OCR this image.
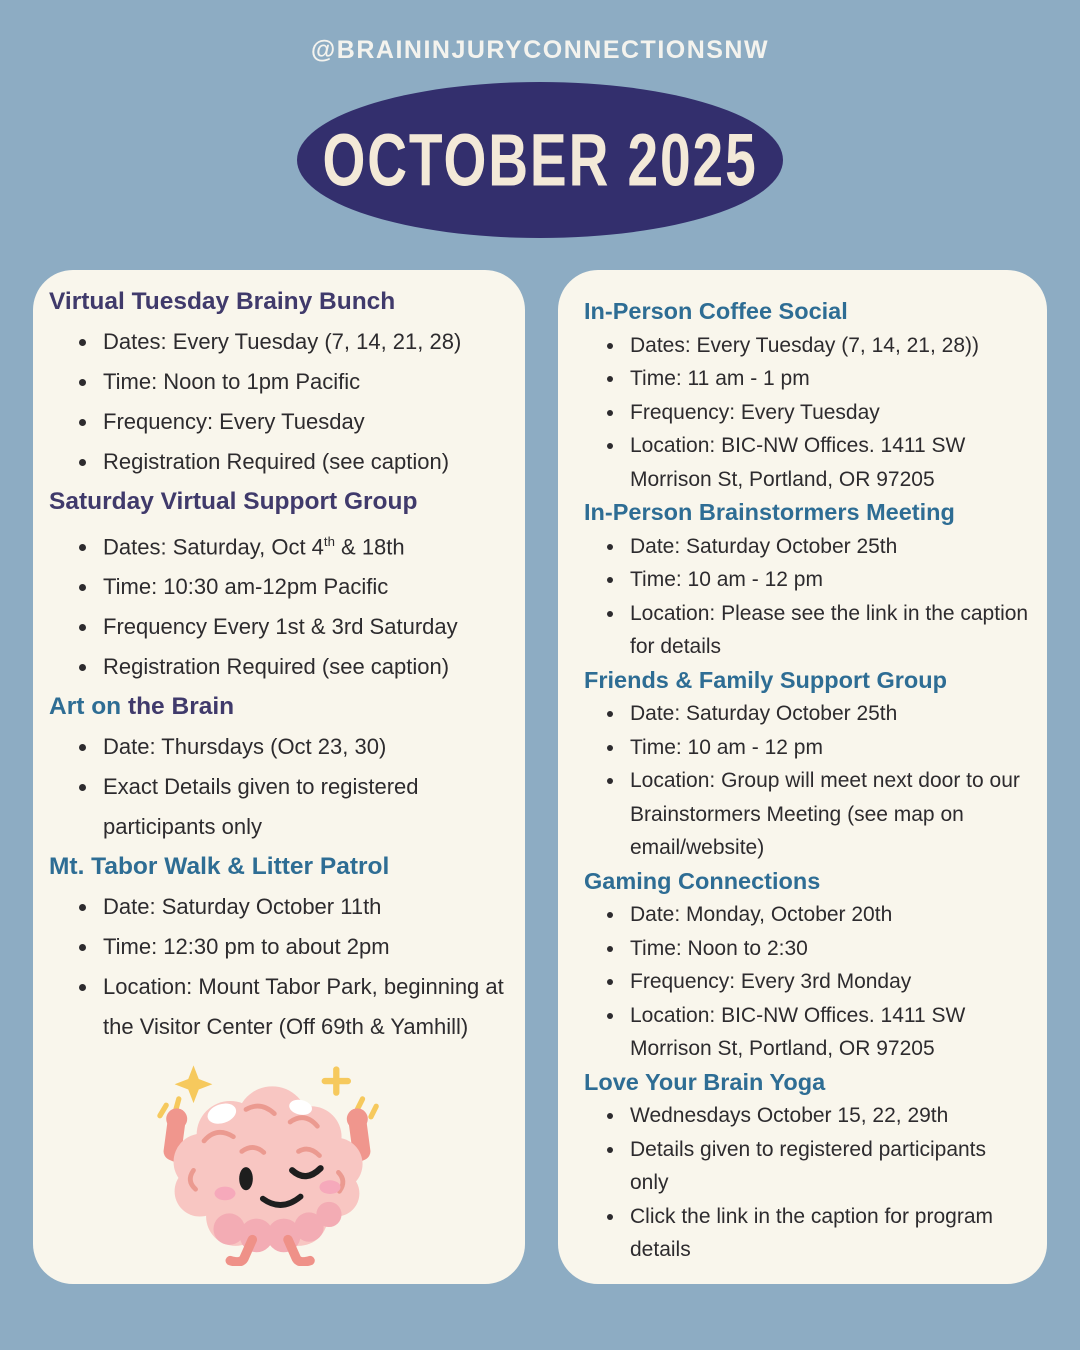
@BRAININJURYCONNECTIONSNW
OCTOBER 2025
Virtual Tuesday Brainy Bunch
• Dates: Every Tuesday (7, 14, 21, 28)
• Time: Noon to 1pm Pacific
• Frequency: Every Tuesday
• Registration Required (see caption)
Saturday Virtual Support Group
• Dates: Saturday, Oct 4th & 18th
• Time: 10:30 am-12pm Pacific
• Frequency Every 1st & 3rd Saturday
• Registration Required (see caption)
Art on the Brain
• Date: Thursdays (Oct 23, 30)
• Exact Details given to registered participants only
Mt. Tabor Walk & Litter Patrol
• Date: Saturday October 11th
• Time: 12:30 pm to about 2pm
• Location: Mount Tabor Park, beginning at the Visitor Center (Off 69th & Yamhill)
In-Person Coffee Social
• Dates: Every Tuesday (7, 14, 21, 28))
• Time: 11 am - 1 pm
• Frequency: Every Tuesday
• Location: BIC-NW Offices. 1411 SW Morrison St, Portland, OR 97205
In-Person Brainstormers Meeting
• Date: Saturday October 25th
• Time: 10 am - 12 pm
• Location: Please see the link in the caption for details
Friends & Family Support Group
• Date: Saturday October 25th
• Time: 10 am - 12 pm
• Location: Group will meet next door to our Brainstormers Meeting (see map on email/website)
Gaming Connections
• Date: Monday, October 20th
• Time: Noon to 2:30
• Frequency: Every 3rd Monday
• Location: BIC-NW Offices. 1411 SW Morrison St, Portland, OR 97205
Love Your Brain Yoga
• Wednesdays October 15, 22, 29th
• Details given to registered participants only
• Click the link in the caption for program details
